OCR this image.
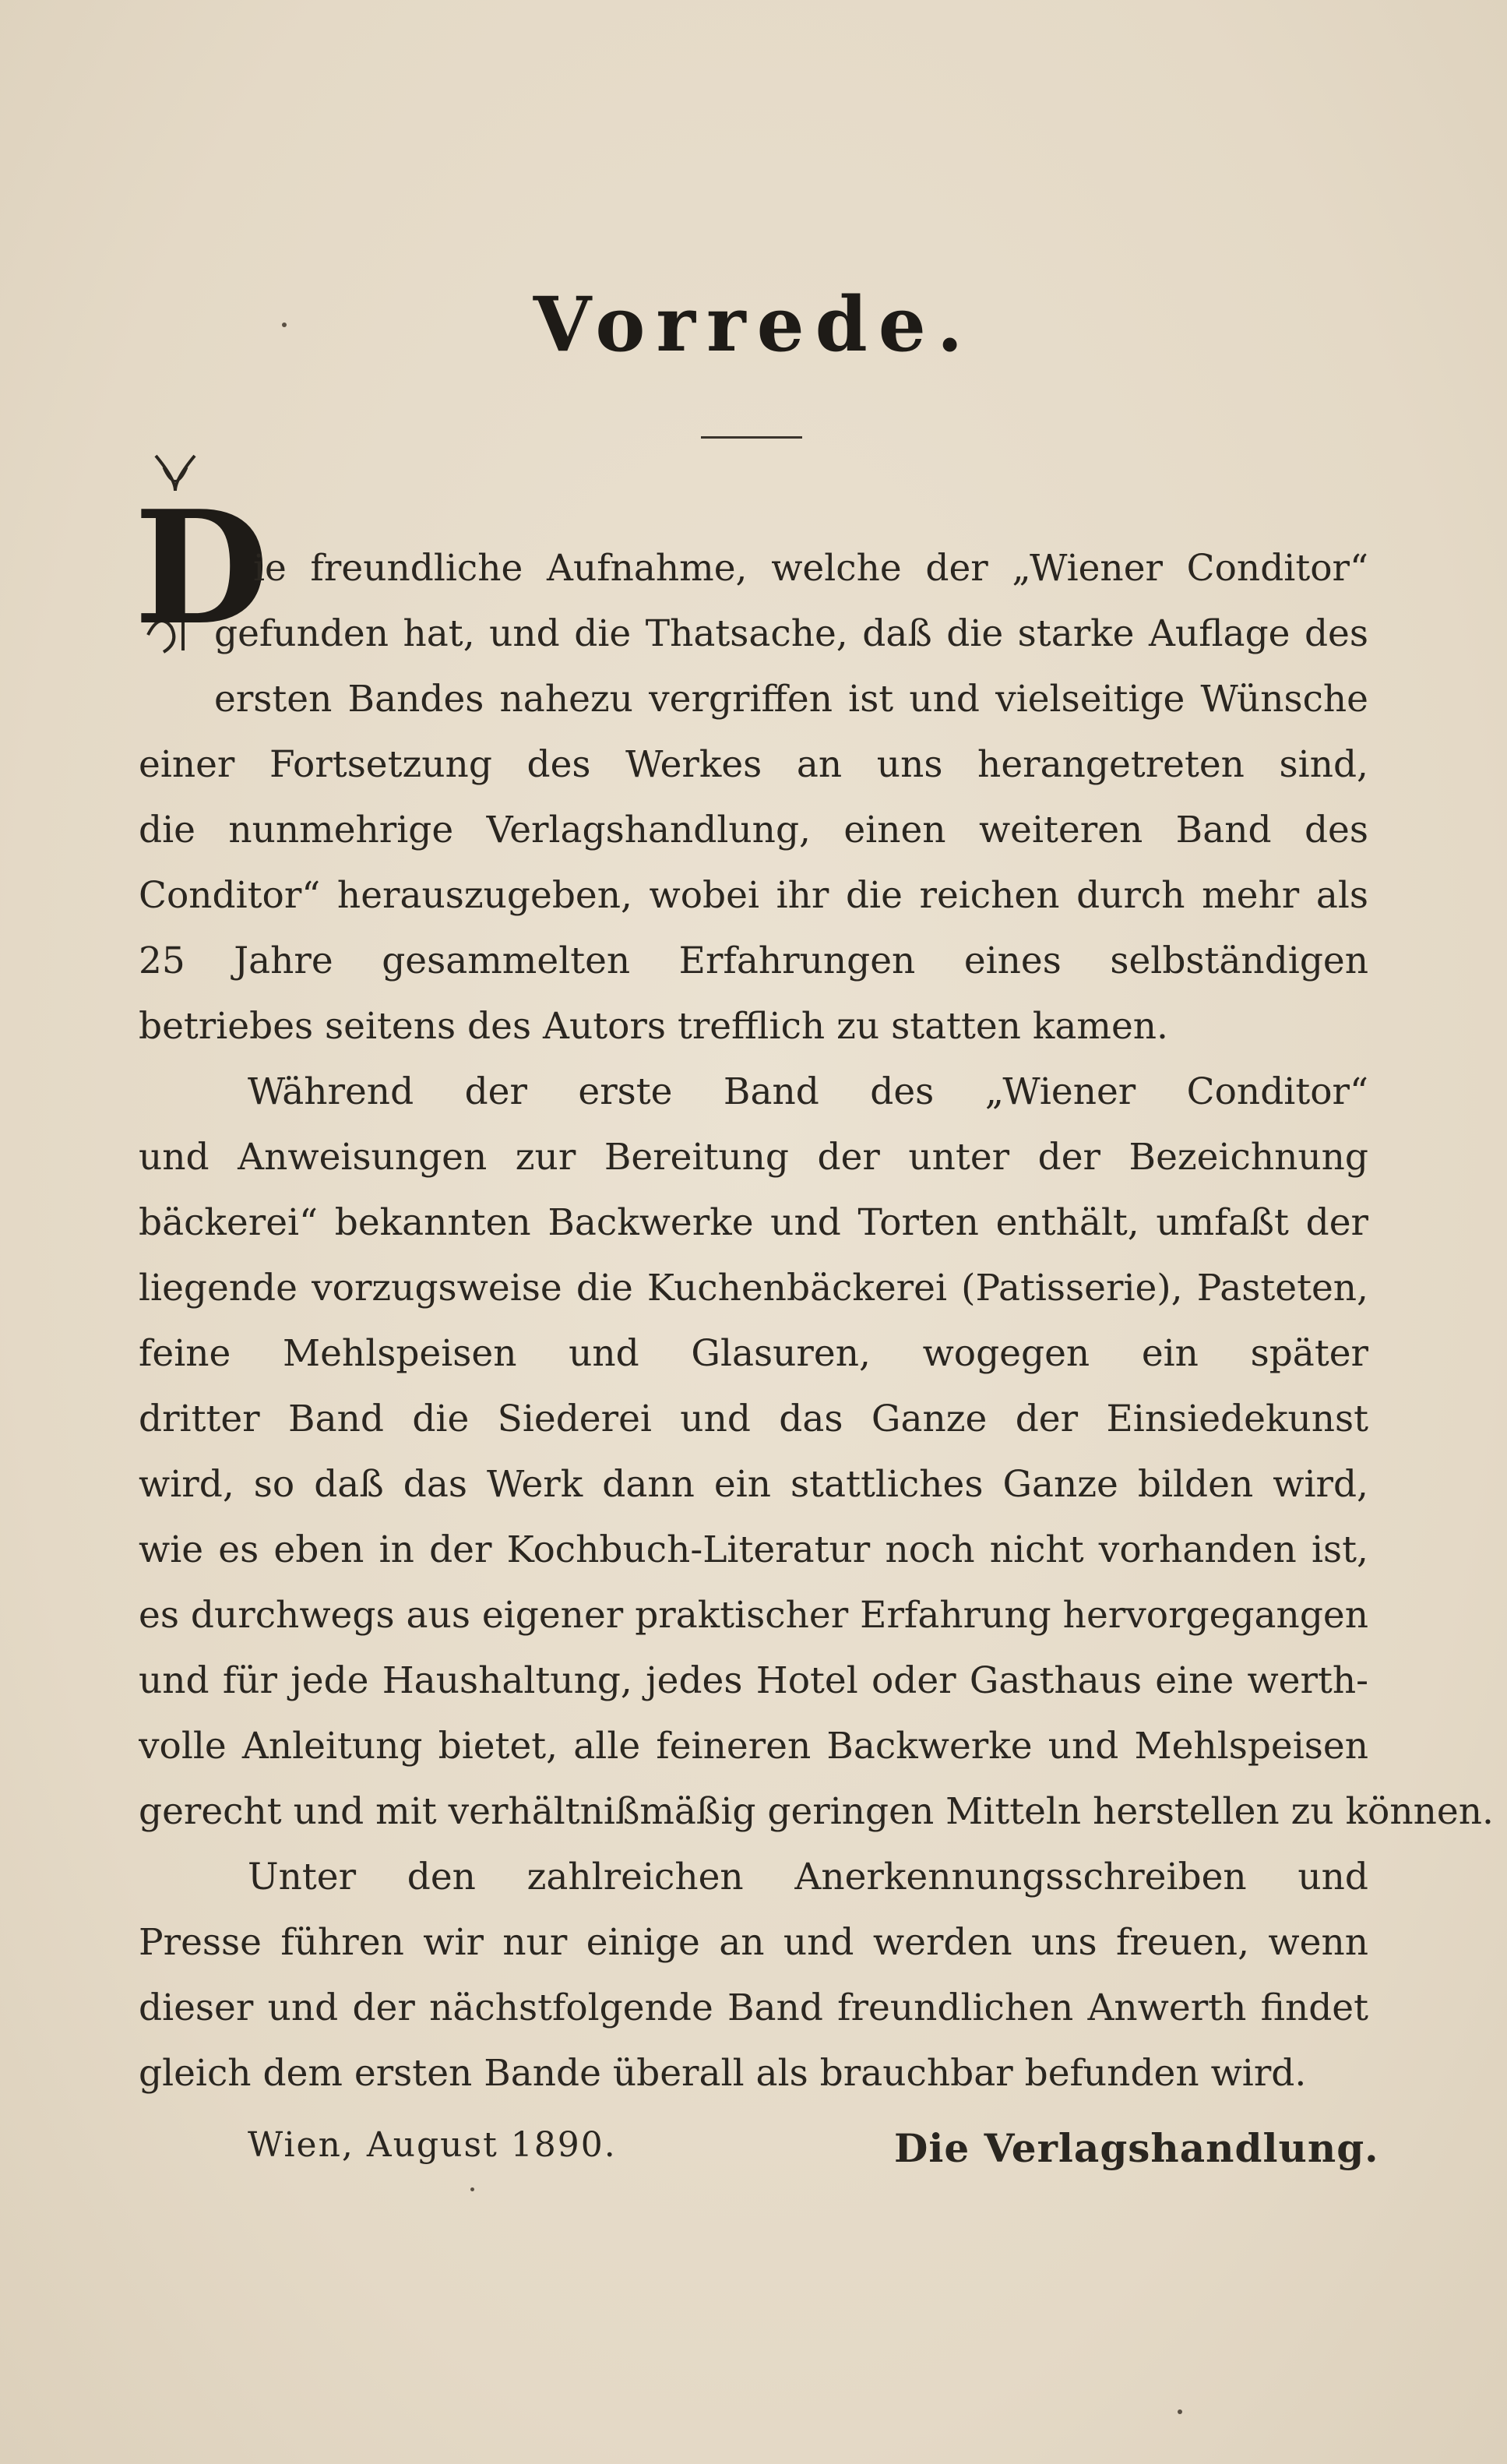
Vorrede.
D
ie freundliche Aufnahme, welche der „Wiener Conditor“
gefunden hat, und die Thatsache, daß die starke Auflage des
ersten Bandes nahezu vergriffen ist und vielseitige Wünsche
einer Fortsetzung des Werkes an uns herangetreten sind,
die nunmehrige Verlagshandlung, einen weiteren Band des
Conditor“ herauszugeben, wobei ihr die reichen durch mehr als
25 Jahre gesammelten Erfahrungen eines selbständigen
betriebes seitens des Autors trefflich zu statten kamen.
Während der erste Band des „Wiener Conditor“
und Anweisungen zur Bereitung der unter der Bezeichnung
bäckerei“ bekannten Backwerke und Torten enthält, umfaßt der
liegende vorzugsweise die Kuchenbäckerei (Patisserie), Pasteten,
feine Mehlspeisen und Glasuren, wogegen ein später
dritter Band die Siederei und das Ganze der Einsiedekunst
wird, so daß das Werk dann ein stattliches Ganze bilden wird,
wie es eben in der Kochbuch-Literatur noch nicht vorhanden ist,
es durchwegs aus eigener praktischer Erfahrung hervorgegangen
und für jede Haushaltung, jedes Hotel oder Gasthaus eine werth-
volle Anleitung bietet, alle feineren Backwerke und Mehlspeisen
gerecht und mit verhältnißmäßig geringen Mitteln herstellen zu können.
Unter den zahlreichen Anerkennungsschreiben und
Presse führen wir nur einige an und werden uns freuen, wenn
dieser und der nächstfolgende Band freundlichen Anwerth findet
gleich dem ersten Bande überall als brauchbar befunden wird.
Wien, August 1890.	Die Verlagshandlung.
